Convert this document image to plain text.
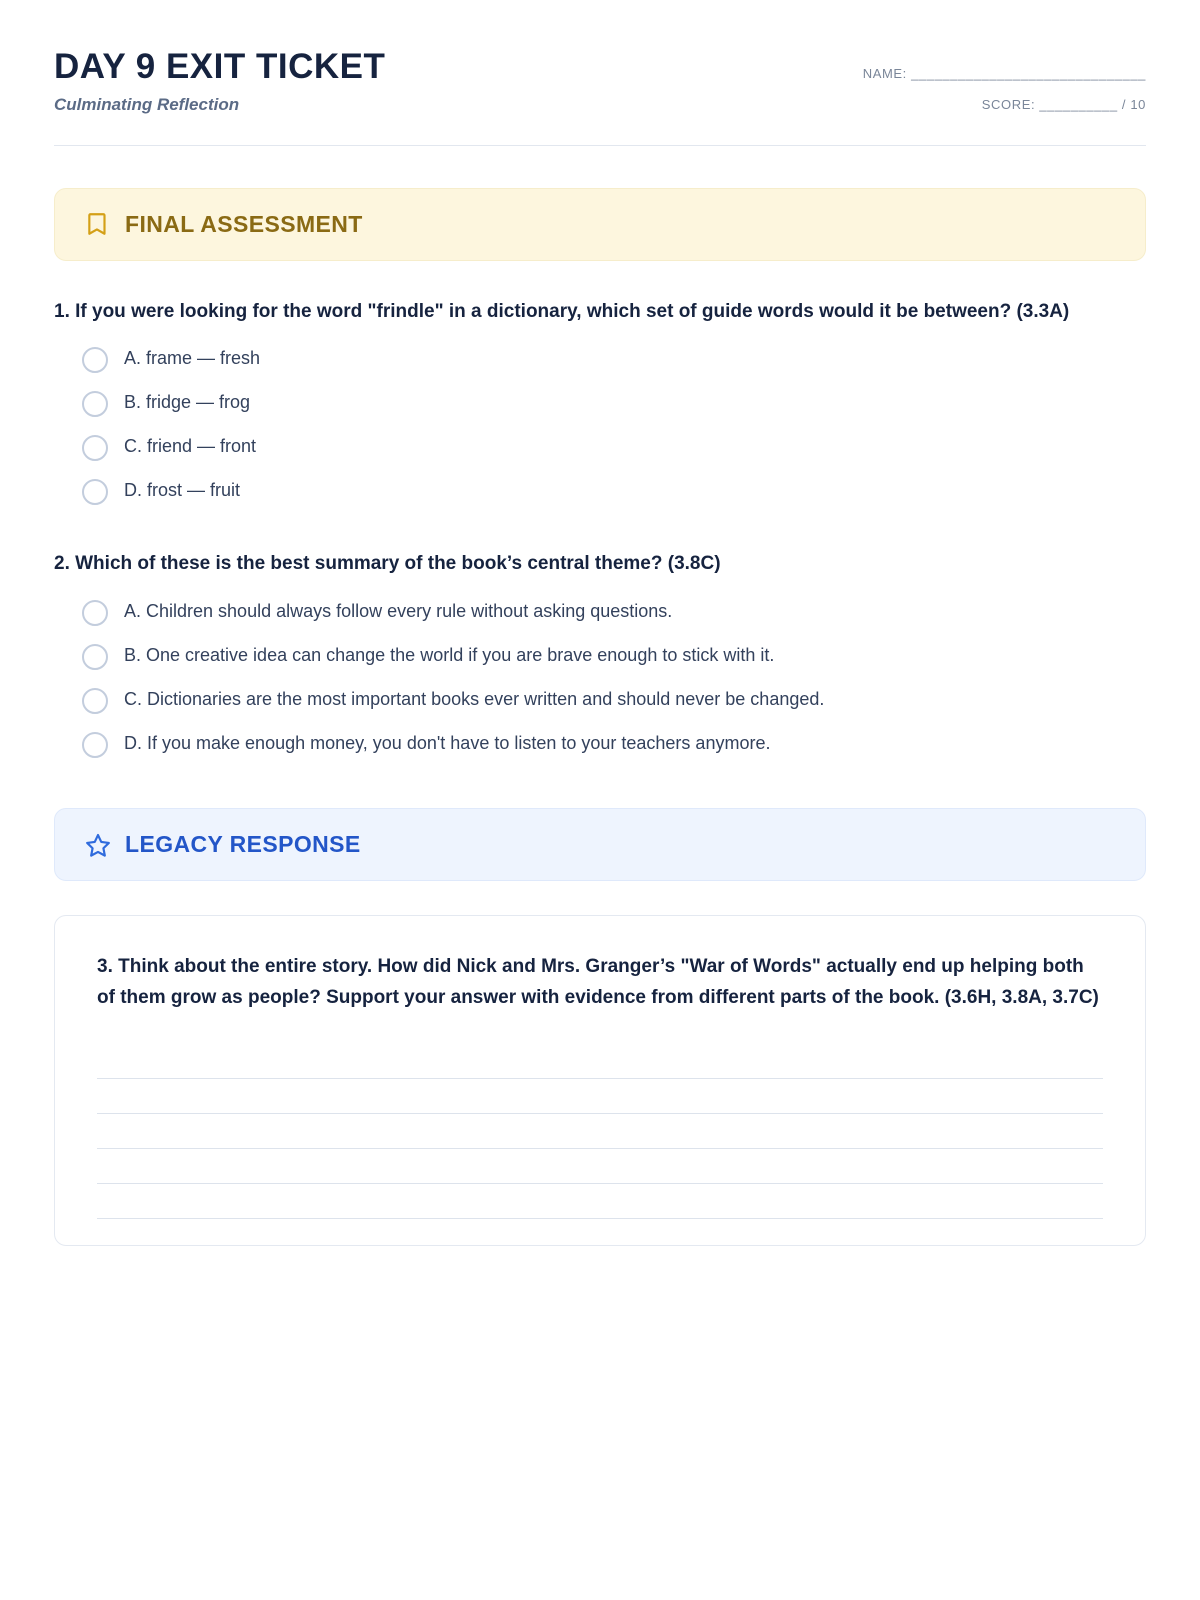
DAY 9 EXIT TICKET

Culminating Reflection

NAME: ______________________________
SCORE: __________ / 10
FINAL ASSESSMENT

1. If you were looking for the word "frindle" in a dictionary, which set of guide words would it be between? (3.3A)

A. frame — fresh
B. fridge — frog
C. friend — front
D. frost — fruit

2. Which of these is the best summary of the book’s central theme? (3.8C)

A. Children should always follow every rule without asking questions.
B. One creative idea can change the world if you are brave enough to stick with it.
C. Dictionaries are the most important books ever written and should never be changed.
D. If you make enough money, you don't have to listen to your teachers anymore.
LEGACY RESPONSE

3. Think about the entire story. How did Nick and Mrs. Granger’s "War of Words" actually end up helping both of them grow as people? Support your answer with evidence from different parts of the book. (3.6H, 3.8A, 3.7C)
